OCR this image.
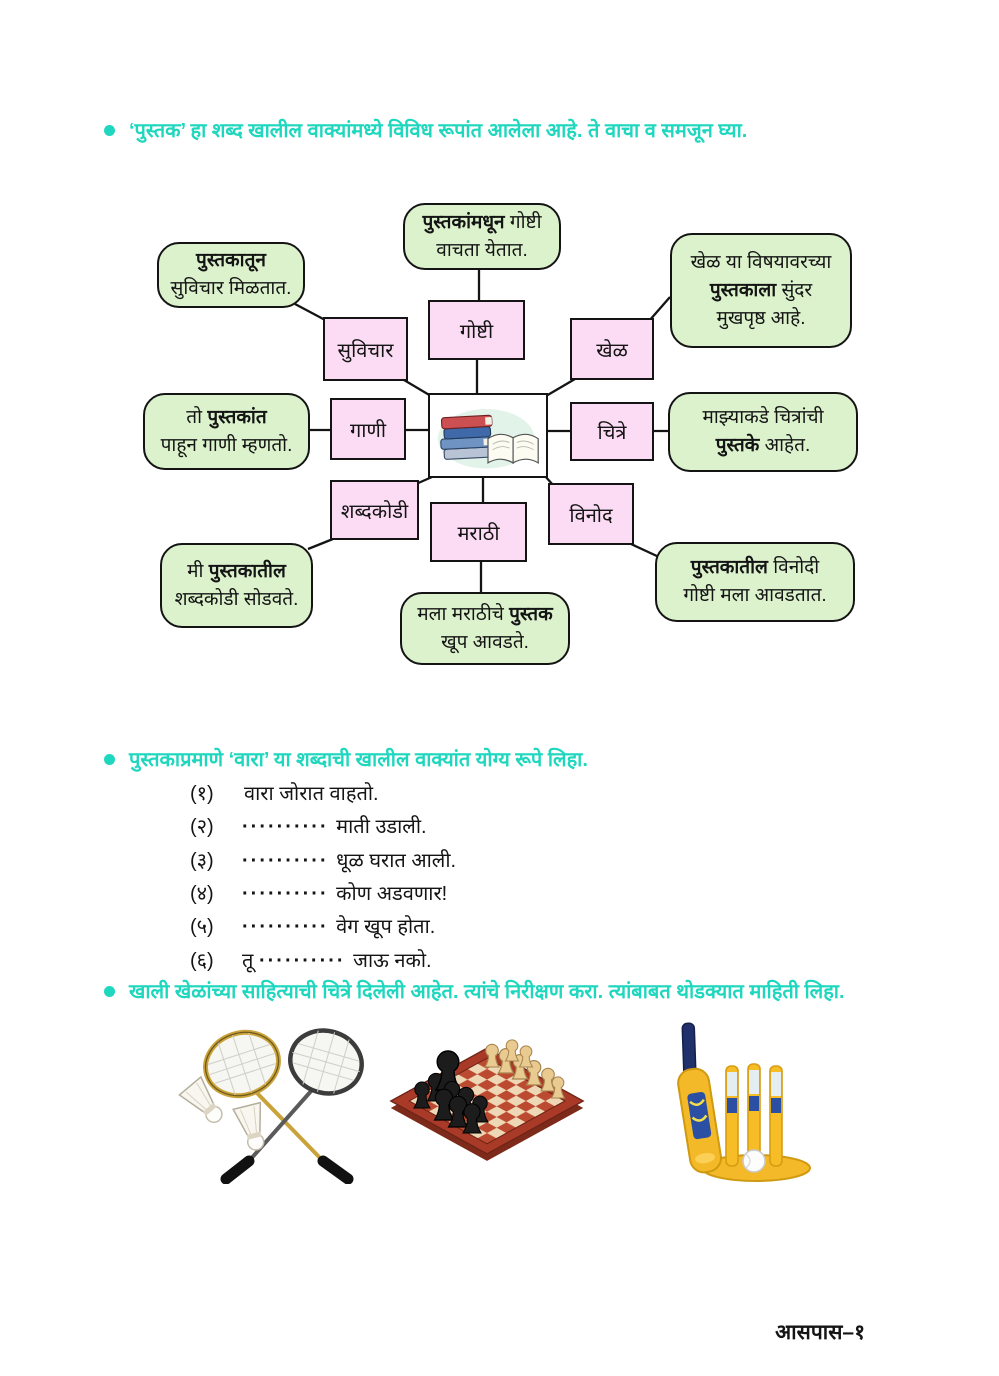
‘पुस्तक’ हा शब्द खालील वाक्यांमध्ये विविध रूपांत आलेला आहे. ते वाचा व समजून घ्या.
पुस्तकातून
सुविचार मिळतात.
पुस्तकांमधून गोष्टी
वाचता येतात.
खेळ या विषयावरच्या
पुस्तकाला सुंदर
मुखपृष्ठ आहे.
तो पुस्तकांत
पाहून गाणी म्हणतो.
माझ्याकडे चित्रांची
पुस्तके आहेत.
मी पुस्तकातील
शब्दकोडी सोडवते.
मला मराठीचे पुस्तक
खूप आवडते.
पुस्तकातील विनोदी
गोष्टी मला आवडतात.
सुविचार
गोष्टी
खेळ
गाणी	चित्रे
शब्दकोडी
मराठी
विनोद
पुस्तकाप्रमाणे ‘वारा’ या शब्दाची खालील वाक्यांत योग्य रूपे लिहा.
(१)	वारा जोरात वाहतो.
(२)	·········· माती उडाली.
(३)	·········· धूळ घरात आली.
(४)	·········· कोण अडवणार!
(५)	·········· वेग खूप होता.
(६)	तू ·········· जाऊ नको.
खाली खेळांच्या साहित्याची चित्रे दिलेली आहेत. त्यांचे निरीक्षण करा. त्यांबाबत थोडक्यात माहिती लिहा.
आसपास–१
